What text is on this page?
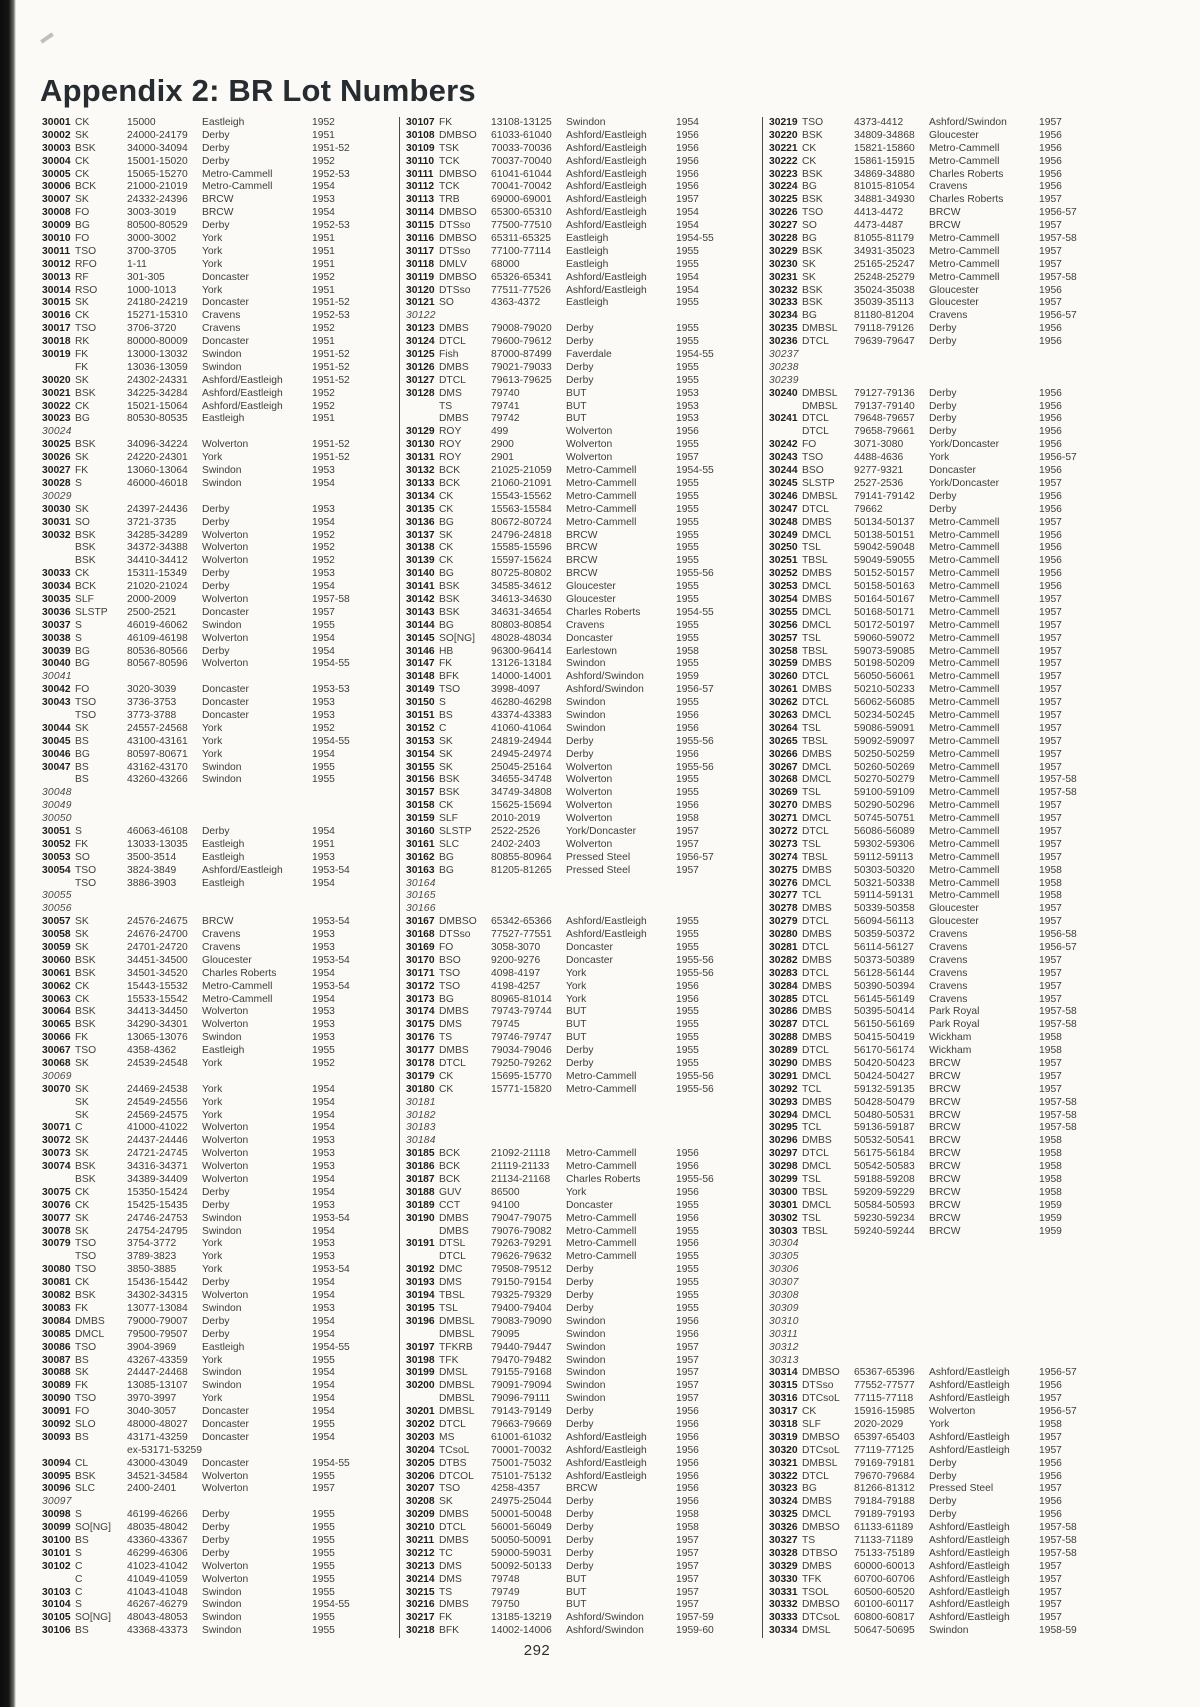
Appendix 2: BR Lot Numbers
30001 CK	15000	Eastleigh	1952
30002 SK	24000-24179	Derby	1951
30003 BSK	34000-34094	Derby	1951-52
30004 CK	15001-15020	Derby	1952
30005 CK	15065-15270	Metro-Cammell	1952-53
30006 BCK	21000-21019	Metro-Cammell	1954
30007 SK	24332-24396	BRCW	1953
30008 FO	3003-3019	BRCW	1954
30009 BG	80500-80529	Derby	1952-53
30010 FO	3000-3002	York	1951
30011 TSO	3700-3705	York	1951
30012 RFO	1-11	York	1951
30013 RF	301-305	Doncaster	1952
30014 RSO	1000-1013	York	1951
30015 SK	24180-24219	Doncaster	1951-52
30016 CK	15271-15310	Cravens	1952-53
30017 TSO	3706-3720	Cravens	1952
30018 RK	80000-80009	Doncaster	1951
30019 FK	13000-13032	Swindon	1951-52
FK	13036-13059	Swindon	1951-52
30020 SK	24302-24331	Ashford/Eastleigh	1951-52
30021 BSK	34225-34284	Ashford/Eastleigh	1952
30022 CK	15021-15064	Ashford/Eastleigh	1952
30023 BG	80530-80535	Eastleigh	1951
30024
30025 BSK	34096-34224	Wolverton	1951-52
30026 SK	24220-24301	York	1951-52
30027 FK	13060-13064	Swindon	1953
30028 S	46000-46018	Swindon	1954
30029
30030 SK	24397-24436	Derby	1953
30031 SO	3721-3735	Derby	1954
30032 BSK	34285-34289	Wolverton	1952
BSK	34372-34388	Wolverton	1952
BSK	34410-34412	Wolverton	1952
30033 CK	15311-15349	Derby	1953
30034 BCK	21020-21024	Derby	1954
30035 SLF	2000-2009	Wolverton	1957-58
30036 SLSTP	2500-2521	Doncaster	1957
30037 S	46019-46062	Swindon	1955
30038 S	46109-46198	Wolverton	1954
30039 BG	80536-80566	Derby	1954
30040 BG	80567-80596	Wolverton	1954-55
30041
30042 FO	3020-3039	Doncaster	1953-53
30043 TSO	3736-3753	Doncaster	1953
TSO	3773-3788	Doncaster	1953
30044 SK	24557-24568	York	1952
30045 BS	43100-43161	York	1954-55
30046 BG	80597-80671	York	1954
30047 BS	43162-43170	Swindon	1955
BS	43260-43266	Swindon	1955
30048
30049
30050
30051 S	46063-46108	Derby	1954
30052 FK	13033-13035	Eastleigh	1951
30053 SO	3500-3514	Eastleigh	1953
30054 TSO	3824-3849	Ashford/Eastleigh	1953-54
TSO	3886-3903	Eastleigh	1954
30055
30056
30057 SK	24576-24675	BRCW	1953-54
30058 SK	24676-24700	Cravens	1953
30059 SK	24701-24720	Cravens	1953
30060 BSK	34451-34500	Gloucester	1953-54
30061 BSK	34501-34520	Charles Roberts	1954
30062 CK	15443-15532	Metro-Cammell	1953-54
30063 CK	15533-15542	Metro-Cammell	1954
30064 BSK	34413-34450	Wolverton	1953
30065 BSK	34290-34301	Wolverton	1953
30066 FK	13065-13076	Swindon	1953
30067 TSO	4358-4362	Eastleigh	1955
30068 SK	24539-24548	York	1952
30069
30070 SK	24469-24538	York	1954
SK	24549-24556	York	1954
SK	24569-24575	York	1954
30071 C	41000-41022	Wolverton	1954
30072 SK	24437-24446	Wolverton	1953
30073 SK	24721-24745	Wolverton	1953
30074 BSK	34316-34371	Wolverton	1953
BSK	34389-34409	Wolverton	1954
30075 CK	15350-15424	Derby	1954
30076 CK	15425-15435	Derby	1953
30077 SK	24746-24753	Swindon	1953-54
30078 SK	24754-24795	Swindon	1954
30079 TSO	3754-3772	York	1953
TSO	3789-3823	York	1953
30080 TSO	3850-3885	York	1953-54
30081 CK	15436-15442	Derby	1954
30082 BSK	34302-34315	Wolverton	1954
30083 FK	13077-13084	Swindon	1953
30084 DMBS	79000-79007	Derby	1954
30085 DMCL	79500-79507	Derby	1954
30086 TSO	3904-3969	Eastleigh	1954-55
30087 BS	43267-43359	York	1955
30088 SK	24447-24468	Swindon	1954
30089 FK	13085-13107	Swindon	1954
30090 TSO	3970-3997	York	1954
30091 FO	3040-3057	Doncaster	1954
30092 SLO	48000-48027	Doncaster	1955
30093 BS	43171-43259	Doncaster	1954
ex-53171-53259
30094 CL	43000-43049	Doncaster	1954-55
30095 BSK	34521-34584	Wolverton	1955
30096 SLC	2400-2401	Wolverton	1957
30097
30098 S	46199-46266	Derby	1955
30099 SO[NG]	48035-48042	Derby	1955
30100 BS	43360-43367	Derby	1955
30101 S	46299-46306	Derby	1955
30102 C	41023-41042	Wolverton	1955
C	41049-41059	Wolverton	1955
30103 C	41043-41048	Swindon	1955
30104 S	46267-46279	Swindon	1954-55
30105 SO[NG]	48043-48053	Swindon	1955
30106 BS	43368-43373	Swindon	1955
30107 FK	13108-13125	Swindon	1954
30108 DMBSO	61033-61040	Ashford/Eastleigh	1956
30109 TSK	70033-70036	Ashford/Eastleigh	1956
30110 TCK	70037-70040	Ashford/Eastleigh	1956
30111 DMBSO	61041-61044	Ashford/Eastleigh	1956
30112 TCK	70041-70042	Ashford/Eastleigh	1956
30113 TRB	69000-69001	Ashford/Eastleigh	1957
30114 DMBSO	65300-65310	Ashford/Eastleigh	1954
30115 DTSso	77500-77510	Ashford/Eastleigh	1954
30116 DMBSO	65311-65325	Eastleigh	1954-55
30117 DTSso	77100-77114	Eastleigh	1955
30118 DMLV	68000	Eastleigh	1955
30119 DMBSO	65326-65341	Ashford/Eastleigh	1954
30120 DTSso	77511-77526	Ashford/Eastleigh	1954
30121 SO	4363-4372	Eastleigh	1955
30122
30123 DMBS	79008-79020	Derby	1955
30124 DTCL	79600-79612	Derby	1955
30125 Fish	87000-87499	Faverdale	1954-55
30126 DMBS	79021-79033	Derby	1955
30127 DTCL	79613-79625	Derby	1955
30128 DMS	79740	BUT	1953
TS	79741	BUT	1953
DMBS	79742	BUT	1953
30129 ROY	499	Wolverton	1956
30130 ROY	2900	Wolverton	1955
30131 ROY	2901	Wolverton	1957
30132 BCK	21025-21059	Metro-Cammell	1954-55
30133 BCK	21060-21091	Metro-Cammell	1955
30134 CK	15543-15562	Metro-Cammell	1955
30135 CK	15563-15584	Metro-Cammell	1955
30136 BG	80672-80724	Metro-Cammell	1955
30137 SK	24796-24818	BRCW	1955
30138 CK	15585-15596	BRCW	1955
30139 CK	15597-15624	BRCW	1955
30140 BG	80725-80802	BRCW	1955-56
30141 BSK	34585-34612	Gloucester	1955
30142 BSK	34613-34630	Gloucester	1955
30143 BSK	34631-34654	Charles Roberts	1954-55
30144 BG	80803-80854	Cravens	1955
30145 SO[NG]	48028-48034	Doncaster	1955
30146 HB	96300-96414	Earlestown	1958
30147 FK	13126-13184	Swindon	1955
30148 BFK	14000-14001	Ashford/Swindon	1959
30149 TSO	3998-4097	Ashford/Swindon	1956-57
30150 S	46280-46298	Swindon	1955
30151 BS	43374-43383	Swindon	1956
30152 C	41060-41064	Swindon	1956
30153 SK	24819-24944	Derby	1955-56
30154 SK	24945-24974	Derby	1956
30155 SK	25045-25164	Wolverton	1955-56
30156 BSK	34655-34748	Wolverton	1955
30157 BSK	34749-34808	Wolverton	1955
30158 CK	15625-15694	Wolverton	1956
30159 SLF	2010-2019	Wolverton	1958
30160 SLSTP	2522-2526	York/Doncaster	1957
30161 SLC	2402-2403	Wolverton	1957
30162 BG	80855-80964	Pressed Steel	1956-57
30163 BG	81205-81265	Pressed Steel	1957
30164
30165
30166
30167 DMBSO	65342-65366	Ashford/Eastleigh	1955
30168 DTSso	77527-77551	Ashford/Eastleigh	1955
30169 FO	3058-3070	Doncaster	1955
30170 BSO	9200-9276	Doncaster	1955-56
30171 TSO	4098-4197	York	1955-56
30172 TSO	4198-4257	York	1956
30173 BG	80965-81014	York	1956
30174 DMBS	79743-79744	BUT	1955
30175 DMS	79745	BUT	1955
30176 TS	79746-79747	BUT	1955
30177 DMBS	79034-79046	Derby	1955
30178 DTCL	79250-79262	Derby	1955
30179 CK	15695-15770	Metro-Cammell	1955-56
30180 CK	15771-15820	Metro-Cammell	1955-56
30181
30182
30183
30184
30185 BCK	21092-21118	Metro-Cammell	1956
30186 BCK	21119-21133	Metro-Cammell	1956
30187 BCK	21134-21168	Charles Roberts	1955-56
30188 GUV	86500	York	1956
30189 CCT	94100	Doncaster	1955
30190 DMBS	79047-79075	Metro-Cammell	1956
DMBS	79076-79082	Metro-Cammell	1955
30191 DTSL	79263-79291	Metro-Cammell	1956
DTCL	79626-79632	Metro-Cammell	1955
30192 DMC	79508-79512	Derby	1955
30193 DMS	79150-79154	Derby	1955
30194 TBSL	79325-79329	Derby	1955
30195 TSL	79400-79404	Derby	1955
30196 DMBSL	79083-79090	Swindon	1956
DMBSL	79095	Swindon	1956
30197 TFKRB	79440-79447	Swindon	1957
30198 TFK	79470-79482	Swindon	1957
30199 DMSL	79155-79168	Swindon	1957
30200 DMBSL	79091-79094	Swindon	1957
DMBSL	79096-79111	Swindon	1957
30201 DMBSL	79143-79149	Derby	1956
30202 DTCL	79663-79669	Derby	1956
30203 MS	61001-61032	Ashford/Eastleigh	1956
30204 TCsoL	70001-70032	Ashford/Eastleigh	1956
30205 DTBS	75001-75032	Ashford/Eastleigh	1956
30206 DTCOL	75101-75132	Ashford/Eastleigh	1956
30207 TSO	4258-4357	BRCW	1956
30208 SK	24975-25044	Derby	1956
30209 DMBS	50001-50048	Derby	1958
30210 DTCL	56001-56049	Derby	1958
30211 DMBS	50050-50091	Derby	1957
30212 TC	59000-59031	Derby	1957
30213 DMS	50092-50133	Derby	1957
30214 DMS	79748	BUT	1957
30215 TS	79749	BUT	1957
30216 DMBS	79750	BUT	1957
30217 FK	13185-13219	Ashford/Swindon	1957-59
30218 BFK	14002-14006	Ashford/Swindon	1959-60
30219 TSO	4373-4412	Ashford/Swindon	1957
30220 BSK	34809-34868	Gloucester	1956
30221 CK	15821-15860	Metro-Cammell	1956
30222 CK	15861-15915	Metro-Cammell	1956
30223 BSK	34869-34880	Charles Roberts	1956
30224 BG	81015-81054	Cravens	1956
30225 BSK	34881-34930	Charles Roberts	1957
30226 TSO	4413-4472	BRCW	1956-57
30227 SO	4473-4487	BRCW	1957
30228 BG	81055-81179	Metro-Cammell	1957-58
30229 BSK	34931-35023	Metro-Cammell	1957
30230 SK	25165-25247	Metro-Cammell	1957
30231 SK	25248-25279	Metro-Cammell	1957-58
30232 BSK	35024-35038	Gloucester	1956
30233 BSK	35039-35113	Gloucester	1957
30234 BG	81180-81204	Cravens	1956-57
30235 DMBSL	79118-79126	Derby	1956
30236 DTCL	79639-79647	Derby	1956
30237
30238
30239
30240 DMBSL	79127-79136	Derby	1956
DMBSL	79137-79140	Derby	1956
30241 DTCL	79648-79657	Derby	1956
DTCL	79658-79661	Derby	1956
30242 FO	3071-3080	York/Doncaster	1956
30243 TSO	4488-4636	York	1956-57
30244 BSO	9277-9321	Doncaster	1956
30245 SLSTP	2527-2536	York/Doncaster	1957
30246 DMBSL	79141-79142	Derby	1956
30247 DTCL	79662	Derby	1956
30248 DMBS	50134-50137	Metro-Cammell	1957
30249 DMCL	50138-50151	Metro-Cammell	1956
30250 TSL	59042-59048	Metro-Cammell	1956
30251 TBSL	59049-59055	Metro-Cammell	1956
30252 DMBS	50152-50157	Metro-Cammell	1956
30253 DMCL	50158-50163	Metro-Cammell	1956
30254 DMBS	50164-50167	Metro-Cammell	1957
30255 DMCL	50168-50171	Metro-Cammell	1957
30256 DMCL	50172-50197	Metro-Cammell	1957
30257 TSL	59060-59072	Metro-Cammell	1957
30258 TBSL	59073-59085	Metro-Cammell	1957
30259 DMBS	50198-50209	Metro-Cammell	1957
30260 DTCL	56050-56061	Metro-Cammell	1957
30261 DMBS	50210-50233	Metro-Cammell	1957
30262 DTCL	56062-56085	Metro-Cammell	1957
30263 DMCL	50234-50245	Metro-Cammell	1957
30264 TSL	59086-59091	Metro-Cammell	1957
30265 TBSL	59092-59097	Metro-Cammell	1957
30266 DMBS	50250-50259	Metro-Cammell	1957
30267 DMCL	50260-50269	Metro-Cammell	1957
30268 DMCL	50270-50279	Metro-Cammell	1957-58
30269 TSL	59100-59109	Metro-Cammell	1957-58
30270 DMBS	50290-50296	Metro-Cammell	1957
30271 DMCL	50745-50751	Metro-Cammell	1957
30272 DTCL	56086-56089	Metro-Cammell	1957
30273 TSL	59302-59306	Metro-Cammell	1957
30274 TBSL	59112-59113	Metro-Cammell	1957
30275 DMBS	50303-50320	Metro-Cammell	1958
30276 DMCL	50321-50338	Metro-Cammell	1958
30277 TCL	59114-59131	Metro-Cammell	1958
30278 DMBS	50339-50358	Gloucester	1957
30279 DTCL	56094-56113	Gloucester	1957
30280 DMBS	50359-50372	Cravens	1956-58
30281 DTCL	56114-56127	Cravens	1956-57
30282 DMBS	50373-50389	Cravens	1957
30283 DTCL	56128-56144	Cravens	1957
30284 DMBS	50390-50394	Cravens	1957
30285 DTCL	56145-56149	Cravens	1957
30286 DMBS	50395-50414	Park Royal	1957-58
30287 DTCL	56150-56169	Park Royal	1957-58
30288 DMBS	50415-50419	Wickham	1958
30289 DTCL	56170-56174	Wickham	1958
30290 DMBS	50420-50423	BRCW	1957
30291 DMCL	50424-50427	BRCW	1957
30292 TCL	59132-59135	BRCW	1957
30293 DMBS	50428-50479	BRCW	1957-58
30294 DMCL	50480-50531	BRCW	1957-58
30295 TCL	59136-59187	BRCW	1957-58
30296 DMBS	50532-50541	BRCW	1958
30297 DTCL	56175-56184	BRCW	1958
30298 DMCL	50542-50583	BRCW	1958
30299 TSL	59188-59208	BRCW	1958
30300 TBSL	59209-59229	BRCW	1958
30301 DMCL	50584-50593	BRCW	1959
30302 TSL	59230-59234	BRCW	1959
30303 TBSL	59240-59244	BRCW	1959
30304
30305
30306
30307
30308
30309
30310
30311
30312
30313
30314 DMBSO	65367-65396	Ashford/Eastleigh	1956-57
30315 DTSso	77552-77577	Ashford/Eastleigh	1956
30316 DTCsoL	77115-77118	Ashford/Eastleigh	1957
30317 CK	15916-15985	Wolverton	1956-57
30318 SLF	2020-2029	York	1958
30319 DMBSO	65397-65403	Ashford/Eastleigh	1957
30320 DTCsoL	77119-77125	Ashford/Eastleigh	1957
30321 DMBSL	79169-79181	Derby	1956
30322 DTCL	79670-79684	Derby	1956
30323 BG	81266-81312	Pressed Steel	1957
30324 DMBS	79184-79188	Derby	1956
30325 DMCL	79189-79193	Derby	1956
30326 DMBSO	61133-61189	Ashford/Eastleigh	1957-58
30327 TS	71133-71189	Ashford/Eastleigh	1957-58
30328 DTBSO	75133-75189	Ashford/Eastleigh	1957-58
30329 DMBS	60000-60013	Ashford/Eastleigh	1957
30330 TFK	60700-60706	Ashford/Eastleigh	1957
30331 TSOL	60500-60520	Ashford/Eastleigh	1957
30332 DMBSO	60100-60117	Ashford/Eastleigh	1957
30333 DTCsoL	60800-60817	Ashford/Eastleigh	1957
30334 DMSL	50647-50695	Swindon	1958-59
292
